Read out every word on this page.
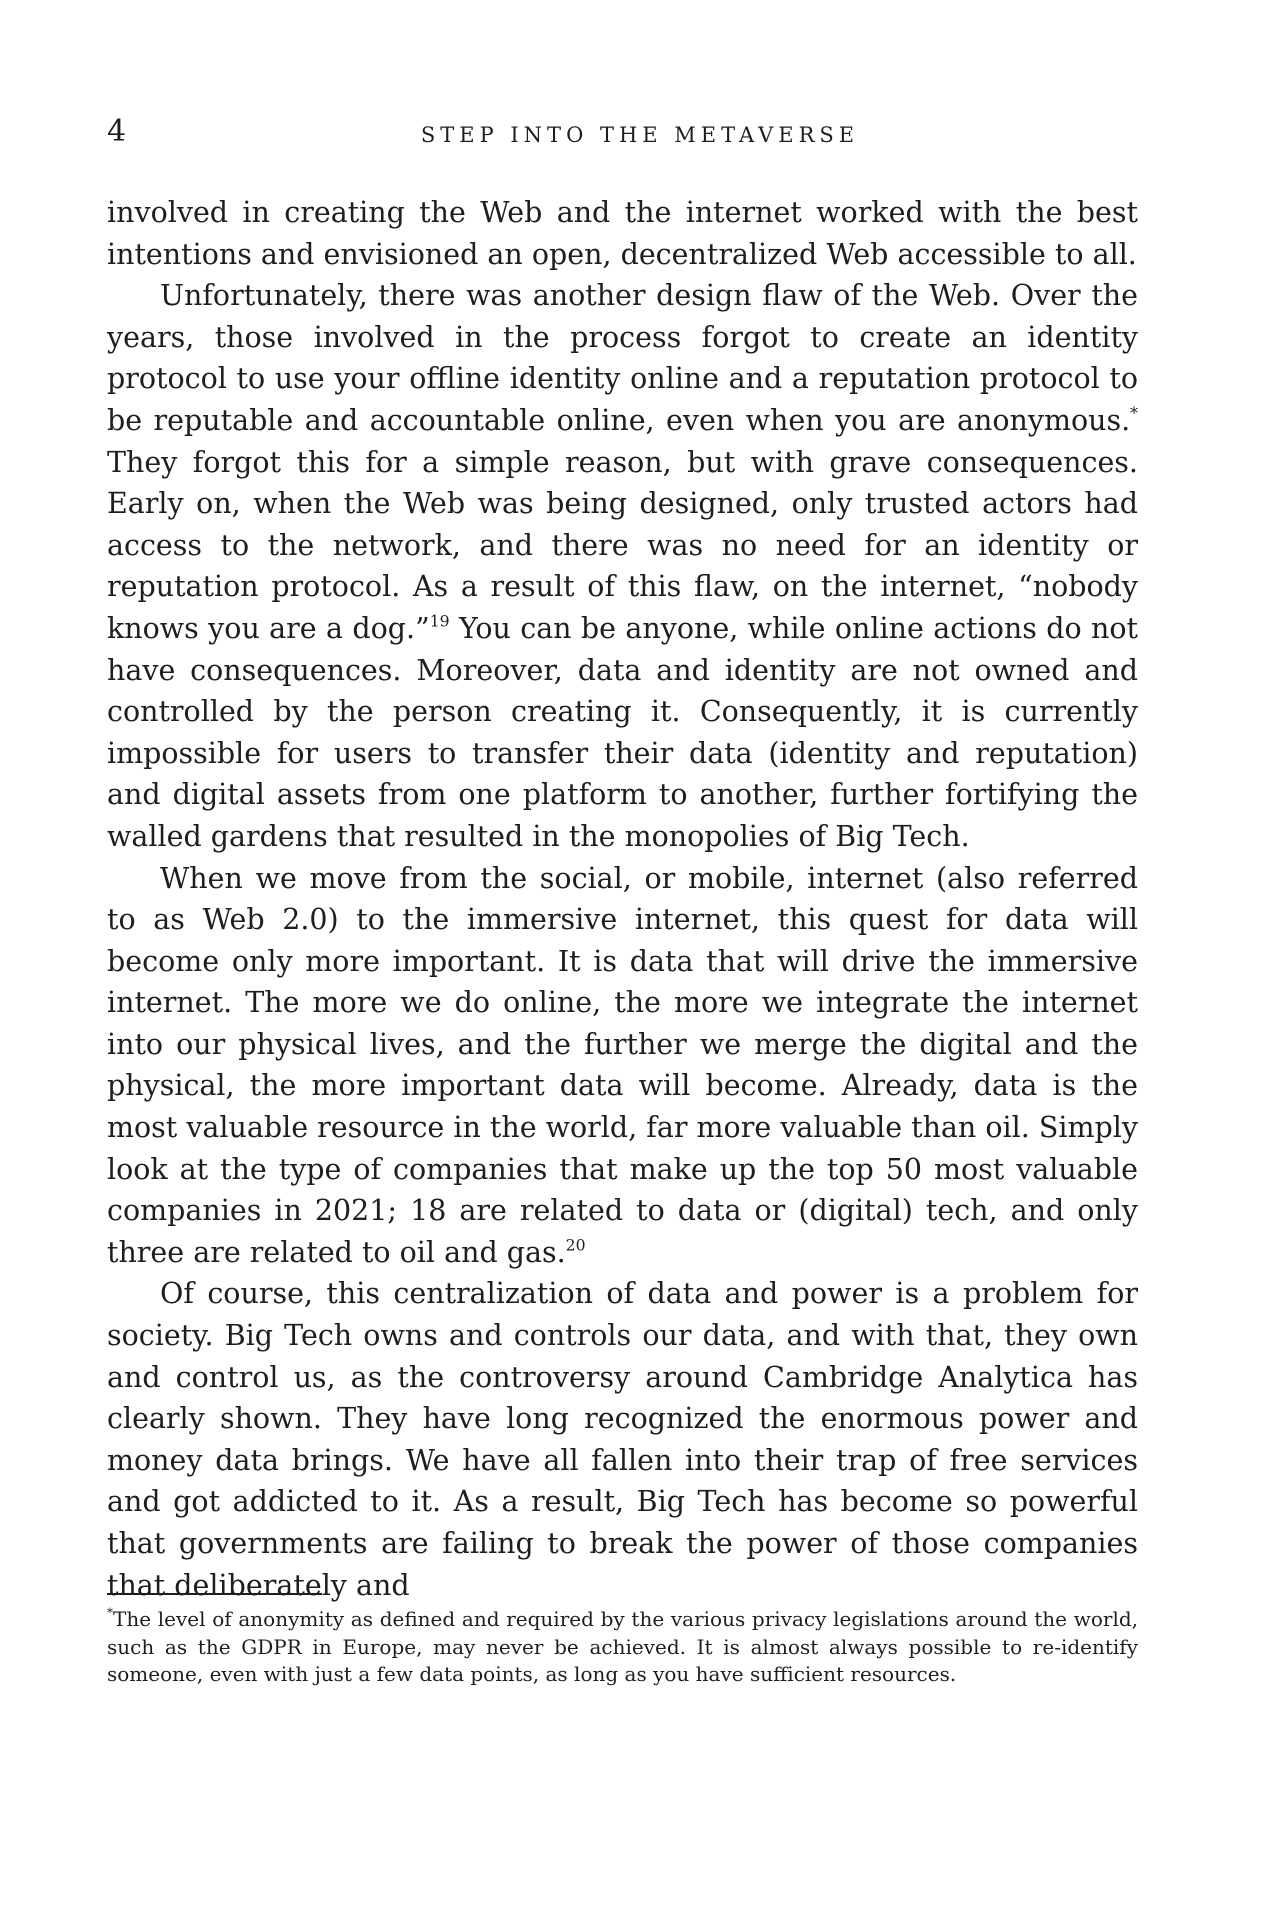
4	STEP INTO THE METAVERSE

involved in creating the Web and the internet worked with the best intentions and envisioned an open, decentralized Web accessible to all.

Unfortunately, there was another design flaw of the Web. Over the years, those involved in the process forgot to create an identity protocol to use your offline identity online and a reputation protocol to be reputable and accountable online, even when you are anonymous.* They forgot this for a simple reason, but with grave consequences. Early on, when the Web was being designed, only trusted actors had access to the network, and there was no need for an identity or reputation protocol. As a result of this flaw, on the internet, “nobody knows you are a dog.”$^{19}$ You can be anyone, while online actions do not have consequences. Moreover, data and identity are not owned and controlled by the person creating it. Consequently, it is currently impossible for users to transfer their data (identity and reputation) and digital assets from one platform to another, further fortifying the walled gardens that resulted in the monopolies of Big Tech.

When we move from the social, or mobile, internet (also referred to as Web 2.0) to the immersive internet, this quest for data will become only more important. It is data that will drive the immersive internet. The more we do online, the more we integrate the internet into our physical lives, and the further we merge the digital and the physical, the more important data will become. Already, data is the most valuable resource in the world, far more valuable than oil. Simply look at the type of companies that make up the top 50 most valuable companies in 2021; 18 are related to data or (digital) tech, and only three are related to oil and gas.$^{20}$

Of course, this centralization of data and power is a problem for society. Big Tech owns and controls our data, and with that, they own and control us, as the controversy around Cambridge Analytica has clearly shown. They have long recognized the enormous power and money data brings. We have all fallen into their trap of free services and got addicted to it. As a result, Big Tech has become so powerful that governments are failing to break the power of those companies that deliberately and

*The level of anonymity as defined and required by the various privacy legislations around the world, such as the GDPR in Europe, may never be achieved. It is almost always possible to re-identify someone, even with just a few data points, as long as you have sufficient resources.
